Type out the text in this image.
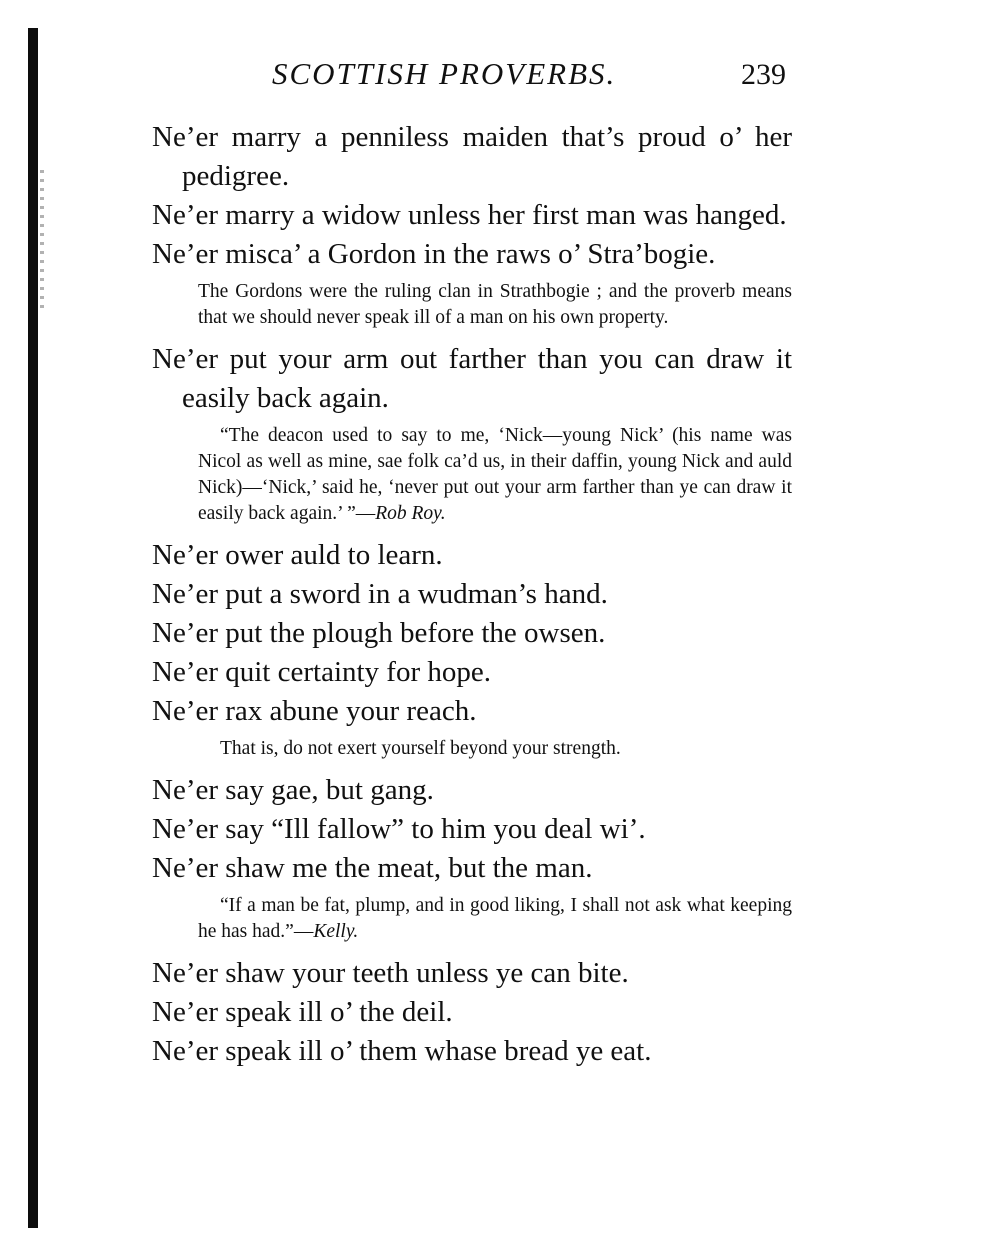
SCOTTISH PROVERBS.	239

Ne’er marry a penniless maiden that’s proud o’ her pedigree.

Ne’er marry a widow unless her first man was hanged.

Ne’er misca’ a Gordon in the raws o’ Stra’bogie.

The Gordons were the ruling clan in Strathbogie ; and the proverb means that we should never speak ill of a man on his own property.

Ne’er put your arm out farther than you can draw it easily back again.

“The deacon used to say to me, ‘Nick—young Nick’ (his name was Nicol as well as mine, sae folk ca’d us, in their daffin, young Nick and auld Nick)—‘Nick,’ said he, ‘never put out your arm farther than ye can draw it easily back again.’ ”—Rob Roy.

Ne’er ower auld to learn.

Ne’er put a sword in a wudman’s hand.

Ne’er put the plough before the owsen.

Ne’er quit certainty for hope.

Ne’er rax abune your reach.

That is, do not exert yourself beyond your strength.

Ne’er say gae, but gang.

Ne’er say “Ill fallow” to him you deal wi’.

Ne’er shaw me the meat, but the man.

“If a man be fat, plump, and in good liking, I shall not ask what keeping he has had.”—Kelly.

Ne’er shaw your teeth unless ye can bite.

Ne’er speak ill o’ the deil.

Ne’er speak ill o’ them whase bread ye eat.
